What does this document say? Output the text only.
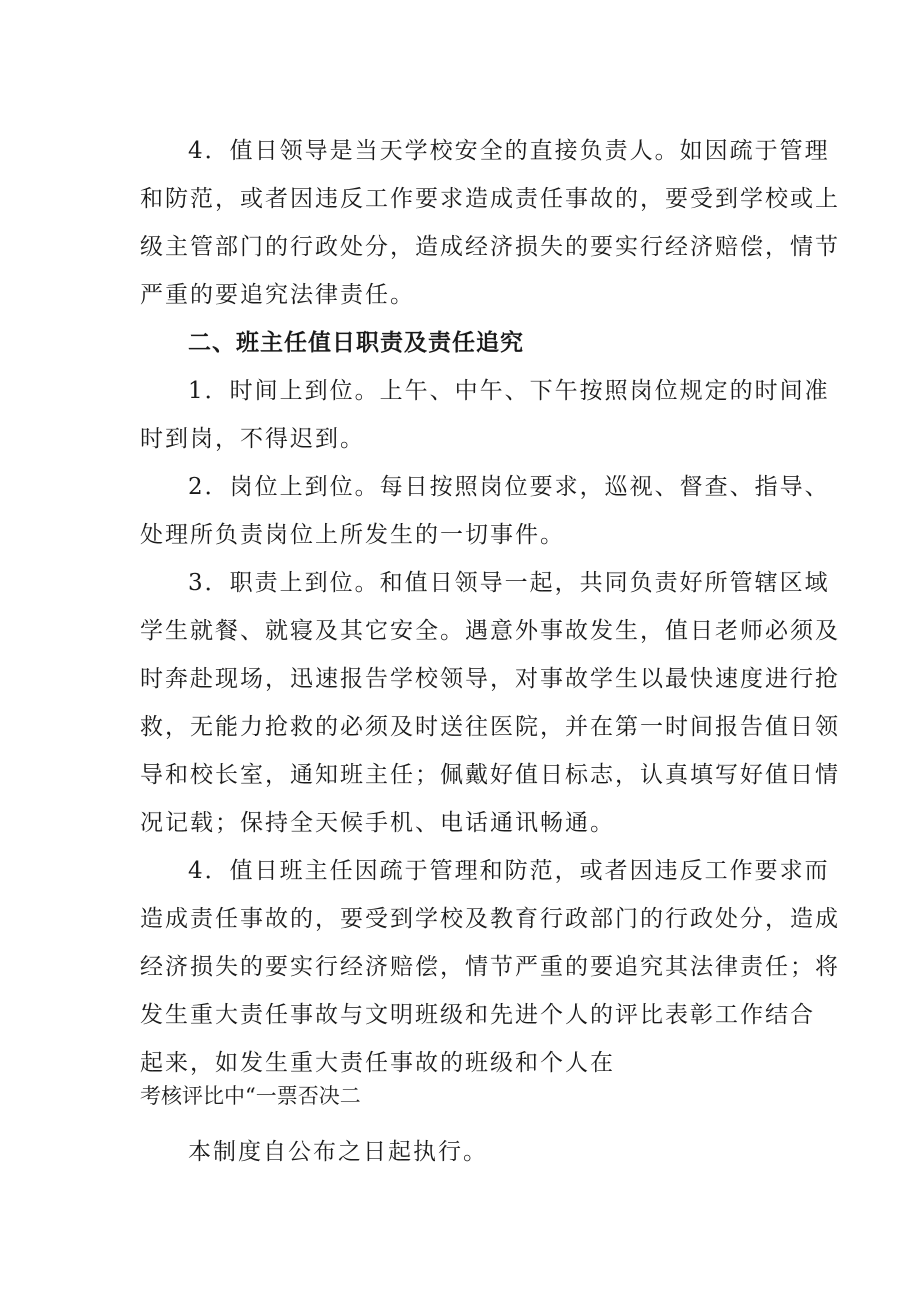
4．值日领导是当天学校安全的直接负责人。如因疏于管理
和防范，或者因违反工作要求造成责任事故的，要受到学校或上
级主管部门的行政处分，造成经济损失的要实行经济赔偿，情节
严重的要追究法律责任。
二、班主任值日职责及责任追究
1．时间上到位。上午、中午、下午按照岗位规定的时间准
时到岗，不得迟到。
2．岗位上到位。每日按照岗位要求，巡视、督查、指导、
处理所负责岗位上所发生的一切事件。
3．职责上到位。和值日领导一起，共同负责好所管辖区域
学生就餐、就寝及其它安全。遇意外事故发生，值日老师必须及
时奔赴现场，迅速报告学校领导，对事故学生以最快速度进行抢
救，无能力抢救的必须及时送往医院，并在第一时间报告值日领
导和校长室，通知班主任；佩戴好值日标志，认真填写好值日情
况记载；保持全天候手机、电话通讯畅通。
4．值日班主任因疏于管理和防范，或者因违反工作要求而
造成责任事故的，要受到学校及教育行政部门的行政处分，造成
经济损失的要实行经济赔偿，情节严重的要追究其法律责任；将
发生重大责任事故与文明班级和先进个人的评比表彰工作结合
起来，如发生重大责任事故的班级和个人在
考核评比中“一票否决二
本制度自公布之日起执行。
